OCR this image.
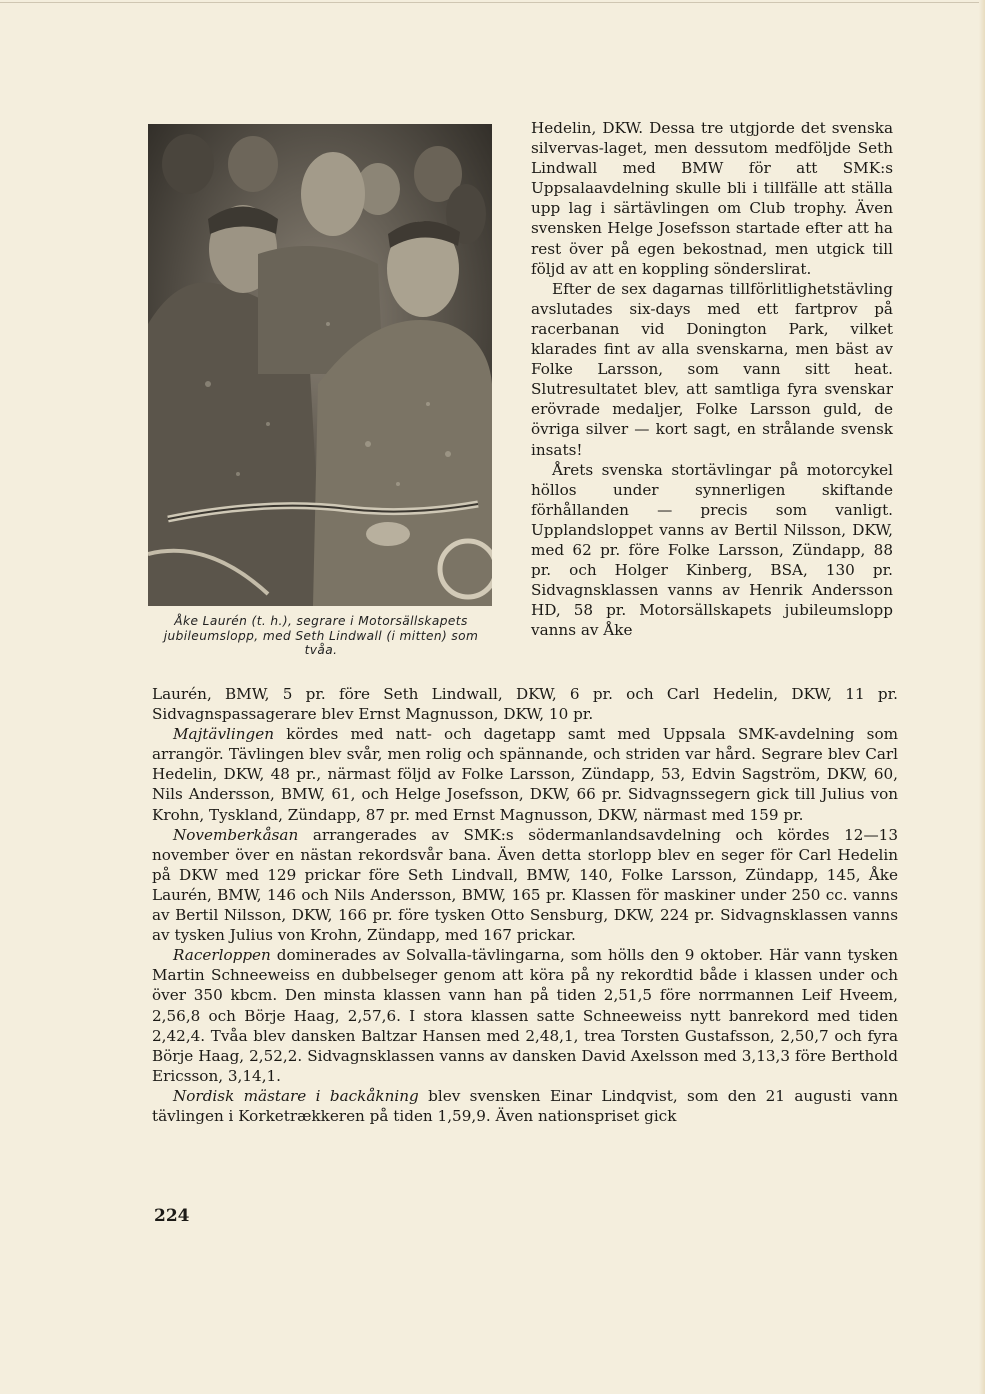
Åke Laurén (t. h.), segrare i Motorsällskapets jubileumslopp, med Seth Lindwall (i mitten) som tvåa.

Hedelin, DKW. Dessa tre utgjorde det svenska silvervas-laget, men dessutom medföljde Seth Lindwall med BMW för att SMK:s Uppsalaavdelning skulle bli i tillfälle att ställa upp lag i särtävlingen om Club trophy. Även svensken Helge Josefsson startade efter att ha rest över på egen bekostnad, men utgick till följd av att en koppling sönderslirat.

Efter de sex dagarnas tillförlitlighetstävling avslutades six-days med ett fartprov på racerbanan vid Donington Park, vilket klarades fint av alla svenskarna, men bäst av Folke Larsson, som vann sitt heat. Slutresultatet blev, att samtliga fyra svenskar erövrade medaljer, Folke Larsson guld, de övriga silver — kort sagt, en strålande svensk insats!

Årets svenska stortävlingar på motorcykel höllos under synnerligen skiftande förhållanden — precis som vanligt. Upplandsloppet vanns av Bertil Nilsson, DKW, med 62 pr. före Folke Larsson, Zündapp, 88 pr. och Holger Kinberg, BSA, 130 pr. Sidvagnsklassen vanns av Henrik Andersson HD, 58 pr. Motorsällskapets jubileumslopp vanns av Åke

Laurén, BMW, 5 pr. före Seth Lindwall, DKW, 6 pr. och Carl Hedelin, DKW, 11 pr. Sidvagnspassagerare blev Ernst Magnusson, DKW, 10 pr.

Majtävlingen kördes med natt- och dagetapp samt med Uppsala SMK-avdelning som arrangör. Tävlingen blev svår, men rolig och spännande, och striden var hård. Segrare blev Carl Hedelin, DKW, 48 pr., närmast följd av Folke Larsson, Zündapp, 53, Edvin Sagström, DKW, 60, Nils Andersson, BMW, 61, och Helge Josefsson, DKW, 66 pr. Sidvagnssegern gick till Julius von Krohn, Tyskland, Zündapp, 87 pr. med Ernst Magnusson, DKW, närmast med 159 pr.

Novemberkåsan arrangerades av SMK:s södermanlandsavdelning och kördes 12—13 november över en nästan rekordsvår bana. Även detta storlopp blev en seger för Carl Hedelin på DKW med 129 prickar före Seth Lindvall, BMW, 140, Folke Larsson, Zündapp, 145, Åke Laurén, BMW, 146 och Nils Andersson, BMW, 165 pr. Klassen för maskiner under 250 cc. vanns av Bertil Nilsson, DKW, 166 pr. före tysken Otto Sensburg, DKW, 224 pr. Sidvagnsklassen vanns av tysken Julius von Krohn, Zündapp, med 167 prickar.

Racerloppen dominerades av Solvalla-tävlingarna, som hölls den 9 oktober. Här vann tysken Martin Schneeweiss en dubbelseger genom att köra på ny rekordtid både i klassen under och över 350 kbcm. Den minsta klassen vann han på tiden 2,51,5 före norrmannen Leif Hveem, 2,56,8 och Börje Haag, 2,57,6. I stora klassen satte Schneeweiss nytt banrekord med tiden 2,42,4. Tvåa blev dansken Baltzar Hansen med 2,48,1, trea Torsten Gustafsson, 2,50,7 och fyra Börje Haag, 2,52,2. Sidvagnsklassen vanns av dansken David Axelsson med 3,13,3 före Berthold Ericsson, 3,14,1.

Nordisk mästare i backåkning blev svensken Einar Lindqvist, som den 21 augusti vann tävlingen i Korketrækkeren på tiden 1,59,9. Även nationspriset gick

224
